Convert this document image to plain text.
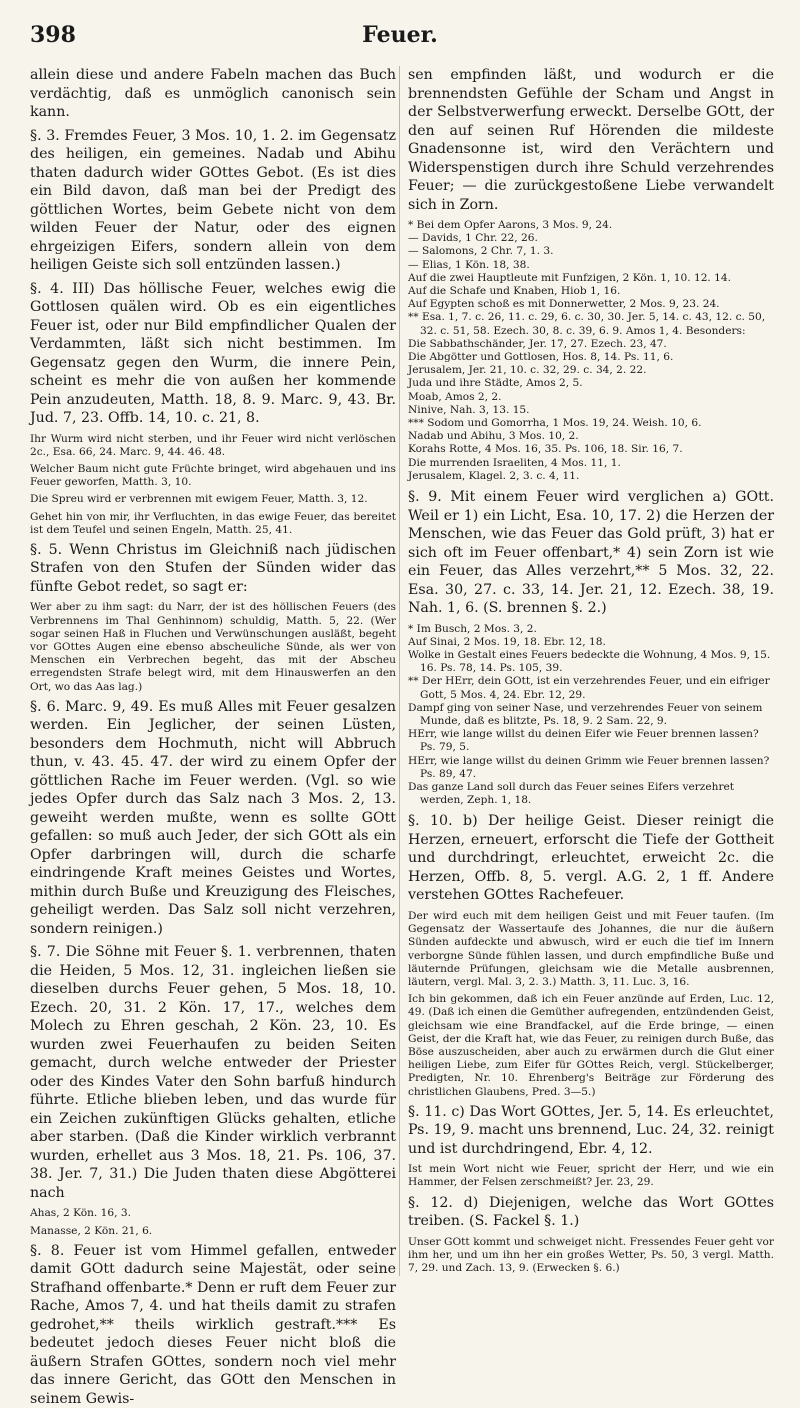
398	Feuer.

allein diese und andere Fabeln machen das Buch verdächtig, daß es unmöglich canonisch sein kann.

§. 3. Fremdes Feuer, 3 Mos. 10, 1. 2. im Gegensatz des heiligen, ein gemeines. Nadab und Abihu thaten dadurch wider GOttes Gebot. (Es ist dies ein Bild davon, daß man bei der Predigt des göttlichen Wortes, beim Gebete nicht von dem wilden Feuer der Natur, oder des eignen ehrgeizigen Eifers, sondern allein von dem heiligen Geiste sich soll entzünden lassen.)

§. 4. III) Das höllische Feuer, welches ewig die Gottlosen quälen wird. Ob es ein eigentliches Feuer ist, oder nur Bild empfindlicher Qualen der Verdammten, läßt sich nicht bestimmen. Im Gegensatz gegen den Wurm, die innere Pein, scheint es mehr die von außen her kommende Pein anzudeuten, Matth. 18, 8. 9. Marc. 9, 43. Br. Jud. 7, 23. Offb. 14, 10. c. 21, 8.

Ihr Wurm wird nicht sterben, und ihr Feuer wird nicht verlöschen 2c., Esa. 66, 24. Marc. 9, 44. 46. 48.

Welcher Baum nicht gute Früchte bringet, wird abgehauen und ins Feuer geworfen, Matth. 3, 10.

Die Spreu wird er verbrennen mit ewigem Feuer, Matth. 3, 12.

Gehet hin von mir, ihr Verfluchten, in das ewige Feuer, das bereitet ist dem Teufel und seinen Engeln, Matth. 25, 41.

§. 5. Wenn Christus im Gleichniß nach jüdischen Strafen von den Stufen der Sünden wider das fünfte Gebot redet, so sagt er:

Wer aber zu ihm sagt: du Narr, der ist des höllischen Feuers (des Verbrennens im Thal Genhinnom) schuldig, Matth. 5, 22. (Wer sogar seinen Haß in Fluchen und Verwünschungen ausläßt, begeht vor GOttes Augen eine ebenso abscheuliche Sünde, als wer von Menschen ein Verbrechen begeht, das mit der Abscheu erregendsten Strafe belegt wird, mit dem Hinauswerfen an den Ort, wo das Aas lag.)

§. 6. Marc. 9, 49. Es muß Alles mit Feuer gesalzen werden. Ein Jeglicher, der seinen Lüsten, besonders dem Hochmuth, nicht will Abbruch thun, v. 43. 45. 47. der wird zu einem Opfer der göttlichen Rache im Feuer werden. (Vgl. so wie jedes Opfer durch das Salz nach 3 Mos. 2, 13. geweiht werden mußte, wenn es sollte GOtt gefallen: so muß auch Jeder, der sich GOtt als ein Opfer darbringen will, durch die scharfe eindringende Kraft meines Geistes und Wortes, mithin durch Buße und Kreuzigung des Fleisches, geheiligt werden. Das Salz soll nicht verzehren, sondern reinigen.)

§. 7. Die Söhne mit Feuer §. 1. verbrennen, thaten die Heiden, 5 Mos. 12, 31. ingleichen ließen sie dieselben durchs Feuer gehen, 5 Mos. 18, 10. Ezech. 20, 31. 2 Kön. 17, 17., welches dem Molech zu Ehren geschah, 2 Kön. 23, 10. Es wurden zwei Feuerhaufen zu beiden Seiten gemacht, durch welche entweder der Priester oder des Kindes Vater den Sohn barfuß hindurch führte. Etliche blieben leben, und das wurde für ein Zeichen zukünftigen Glücks gehalten, etliche aber starben. (Daß die Kinder wirklich verbrannt wurden, erhellet aus 3 Mos. 18, 21. Ps. 106, 37. 38. Jer. 7, 31.) Die Juden thaten diese Abgötterei nach

Ahas, 2 Kön. 16, 3.

Manasse, 2 Kön. 21, 6.

§. 8. Feuer ist vom Himmel gefallen, entweder damit GOtt dadurch seine Majestät, oder seine Strafhand offenbarte.* Denn er ruft dem Feuer zur Rache, Amos 7, 4. und hat theils damit zu strafen gedrohet,** theils wirklich gestraft.*** Es bedeutet jedoch dieses Feuer nicht bloß die äußern Strafen GOttes, sondern noch viel mehr das innere Gericht, das GOtt den Menschen in seinem Gewis-

sen empfinden läßt, und wodurch er die brennendsten Gefühle der Scham und Angst in der Selbstverwerfung erweckt. Derselbe GOtt, der den auf seinen Ruf Hörenden die mildeste Gnadensonne ist, wird den Verächtern und Widerspenstigen durch ihre Schuld verzehrendes Feuer; — die zurückgestoßene Liebe verwandelt sich in Zorn.

* Bei dem Opfer Aarons, 3 Mos. 9, 24.
— Davids, 1 Chr. 22, 26.
— Salomons, 2 Chr. 7, 1. 3.
— Elias, 1 Kön. 18, 38.
Auf die zwei Hauptleute mit Funfzigen, 2 Kön. 1, 10. 12. 14.
Auf die Schafe und Knaben, Hiob 1, 16.
Auf Egypten schoß es mit Donnerwetter, 2 Mos. 9, 23. 24.
** Esa. 1, 7. c. 26, 11. c. 29, 6. c. 30, 30. Jer. 5, 14. c. 43, 12. c. 50, 32. c. 51, 58. Ezech. 30, 8. c. 39, 6. 9. Amos 1, 4. Besonders:
Die Sabbathschänder, Jer. 17, 27. Ezech. 23, 47.
Die Abgötter und Gottlosen, Hos. 8, 14. Ps. 11, 6.
Jerusalem, Jer. 21, 10. c. 32, 29. c. 34, 2. 22.
Juda und ihre Städte, Amos 2, 5.
Moab, Amos 2, 2.
Ninive, Nah. 3, 13. 15.
*** Sodom und Gomorrha, 1 Mos. 19, 24. Weish. 10, 6.
Nadab und Abihu, 3 Mos. 10, 2.
Korahs Rotte, 4 Mos. 16, 35. Ps. 106, 18. Sir. 16, 7.
Die murrenden Israeliten, 4 Mos. 11, 1.
Jerusalem, Klagel. 2, 3. c. 4, 11.

§. 9. Mit einem Feuer wird verglichen a) GOtt. Weil er 1) ein Licht, Esa. 10, 17. 2) die Herzen der Menschen, wie das Feuer das Gold prüft, 3) hat er sich oft im Feuer offenbart,* 4) sein Zorn ist wie ein Feuer, das Alles verzehrt,** 5 Mos. 32, 22. Esa. 30, 27. c. 33, 14. Jer. 21, 12. Ezech. 38, 19. Nah. 1, 6. (S. brennen §. 2.)

* Im Busch, 2 Mos. 3, 2.
Auf Sinai, 2 Mos. 19, 18. Ebr. 12, 18.
Wolke in Gestalt eines Feuers bedeckte die Wohnung, 4 Mos. 9, 15. 16. Ps. 78, 14. Ps. 105, 39.
** Der HErr, dein GOtt, ist ein verzehrendes Feuer, und ein eifriger Gott, 5 Mos. 4, 24. Ebr. 12, 29.
Dampf ging von seiner Nase, und verzehrendes Feuer von seinem Munde, daß es blitzte, Ps. 18, 9. 2 Sam. 22, 9.
HErr, wie lange willst du deinen Eifer wie Feuer brennen lassen? Ps. 79, 5.
HErr, wie lange willst du deinen Grimm wie Feuer brennen lassen? Ps. 89, 47.
Das ganze Land soll durch das Feuer seines Eifers verzehret werden, Zeph. 1, 18.

§. 10. b) Der heilige Geist. Dieser reinigt die Herzen, erneuert, erforscht die Tiefe der Gottheit und durchdringt, erleuchtet, erweicht 2c. die Herzen, Offb. 8, 5. vergl. A.G. 2, 1 ff. Andere verstehen GOttes Rachefeuer.

Der wird euch mit dem heiligen Geist und mit Feuer taufen. (Im Gegensatz der Wassertaufe des Johannes, die nur die äußern Sünden aufdeckte und abwusch, wird er euch die tief im Innern verborgne Sünde fühlen lassen, und durch empfindliche Buße und läuternde Prüfungen, gleichsam wie die Metalle ausbrennen, läutern, vergl. Mal. 3, 2. 3.) Matth. 3, 11. Luc. 3, 16.

Ich bin gekommen, daß ich ein Feuer anzünde auf Erden, Luc. 12, 49. (Daß ich einen die Gemüther aufregenden, entzündenden Geist, gleichsam wie eine Brandfackel, auf die Erde bringe, — einen Geist, der die Kraft hat, wie das Feuer, zu reinigen durch Buße, das Böse auszuscheiden, aber auch zu erwärmen durch die Glut einer heiligen Liebe, zum Eifer für GOttes Reich, vergl. Stückelberger, Predigten, Nr. 10. Ehrenberg's Beiträge zur Förderung des christlichen Glaubens, Pred. 3—5.)

§. 11. c) Das Wort GOttes, Jer. 5, 14. Es erleuchtet, Ps. 19, 9. macht uns brennend, Luc. 24, 32. reinigt und ist durchdringend, Ebr. 4, 12.

Ist mein Wort nicht wie Feuer, spricht der Herr, und wie ein Hammer, der Felsen zerschmeißt? Jer. 23, 29.

§. 12. d) Diejenigen, welche das Wort GOttes treiben. (S. Fackel §. 1.)

Unser GOtt kommt und schweiget nicht. Fressendes Feuer geht vor ihm her, und um ihn her ein großes Wetter, Ps. 50, 3 vergl. Matth. 7, 29. und Zach. 13, 9. (Erwecken §. 6.)
